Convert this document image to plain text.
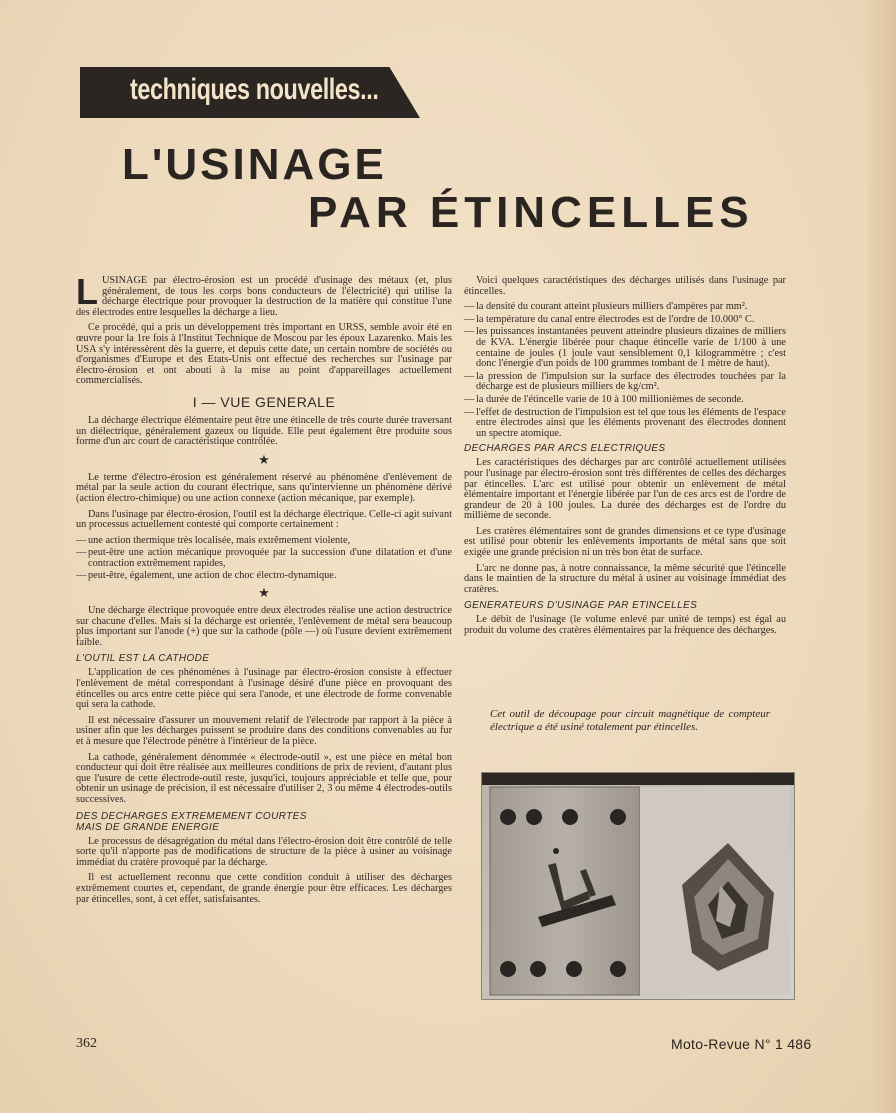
techniques nouvelles...
L'USINAGE
PAR ÉTINCELLES

LUSINAGE par électro-érosion est un procédé d'usinage des métaux (et, plus généralement, de tous les corps bons conducteurs de l'électricité) qui utilise la décharge électrique pour provoquer la destruction de la matière qui constitue l'une des électrodes entre lesquelles la décharge a lieu.

Ce procédé, qui a pris un développement très important en URSS, semble avoir été en œuvre pour la 1re fois à l'Institut Technique de Moscou par les époux Lazarenko. Mais les USA s'y intéressèrent dès la guerre, et depuis cette date, un certain nombre de sociétés ou d'organismes d'Europe et des Etats-Unis ont effectué des recherches sur l'usinage par électro-érosion et ont abouti à la mise au point d'appareillages actuellement commercialisés.

I — VUE GENERALE

La décharge électrique élémentaire peut être une étincelle de très courte durée traversant un diélectrique, généralement gazeux ou liquide. Elle peut également être produite sous forme d'un arc court de caractéristique contrôlée.

★

Le terme d'électro-érosion est généralement réservé au phénomène d'enlèvement de métal par la seule action du courant électrique, sans qu'intervienne un phénomène dérivé (action électro-chimique) ou une action connexe (action mécanique, par exemple).

Dans l'usinage par électro-érosion, l'outil est la décharge électrique. Celle-ci agit suivant un processus actuellement contesté qui comporte certainement :

— une action thermique très localisée, mais extrêmement violente,

— peut-être une action mécanique provoquée par la succession d'une dilatation et d'une contraction extrêmement rapides,

— peut-être, également, une action de choc électro-dynamique.

★

Une décharge électrique provoquée entre deux électrodes réalise une action destructrice sur chacune d'elles. Mais si la décharge est orientée, l'enlèvement de métal sera beaucoup plus important sur l'anode (+) que sur la cathode (pôle —) où l'usure devient extrêmement faible.

L'OUTIL EST LA CATHODE

L'application de ces phénomènes à l'usinage par électro-érosion consiste à effectuer l'enlèvement de métal correspondant à l'usinage désiré d'une pièce en provoquant des étincelles ou arcs entre cette pièce qui sera l'anode, et une électrode de forme convenable qui sera la cathode.

Il est nécessaire d'assurer un mouvement relatif de l'électrode par rapport à la pièce à usiner afin que les décharges puissent se produire dans des conditions convenables au fur et à mesure que l'électrode pénètre à l'intérieur de la pièce.

La cathode, généralement dénommée « électrode-outil », est une pièce en métal bon conducteur qui doit être réalisée aux meilleures conditions de prix de revient, d'autant plus que l'usure de cette électrode-outil reste, jusqu'ici, toujours appréciable et telle que, pour obtenir un usinage de précision, il est nécessaire d'utiliser 2, 3 ou même 4 électrodes-outils successives.

DES DECHARGES EXTREMEMENT COURTES
MAIS DE GRANDE ENERGIE

Le processus de désagrégation du métal dans l'électro-érosion doit être contrôlé de telle sorte qu'il n'apporte pas de modifications de structure de la pièce à usiner au voisinage immédiat du cratère provoqué par la décharge.

Il est actuellement reconnu que cette condition conduit à utiliser des décharges extrêmement courtes et, cependant, de grande énergie pour être efficaces. Les décharges par étincelles, sont, à cet effet, satisfaisantes.

Voici quelques caractéristiques des décharges utilisés dans l'usinage par étincelles.

— la densité du courant atteint plusieurs milliers d'ampères par mm².

— la température du canal entre électrodes est de l'ordre de 10.000° C.

— les puissances instantanées peuvent atteindre plusieurs dizaines de milliers de KVA. L'énergie libérée pour chaque étincelle varie de 1/100 à une centaine de joules (1 joule vaut sensiblement 0,1 kilogrammètre ; c'est donc l'énergie d'un poids de 100 grammes tombant de 1 mètre de haut).

— la pression de l'impulsion sur la surface des électrodes touchées par la décharge est de plusieurs milliers de kg/cm².

— la durée de l'étincelle varie de 10 à 100 millionièmes de seconde.

— l'effet de destruction de l'impulsion est tel que tous les éléments de l'espace entre électrodes ainsi que les éléments provenant des électrodes donnent un spectre atomique.

DECHARGES PAR ARCS ELECTRIQUES

Les caractéristiques des décharges par arc contrôlé actuellement utilisées pour l'usinage par électro-érosion sont très différentes de celles des décharges par étincelles. L'arc est utilisé pour obtenir un enlèvement de métal élémentaire important et l'énergie libérée par l'un de ces arcs est de l'ordre de grandeur de 20 à 100 joules. La durée des décharges est de l'ordre du millième de seconde.

Les cratères élémentaires sont de grandes dimensions et ce type d'usinage est utilisé pour obtenir les enlèvements importants de métal sans que soit exigée une grande précision ni un très bon état de surface.

L'arc ne donne pas, à notre connaissance, la même sécurité que l'étincelle dans le maintien de la structure du métal à usiner au voisinage immédiat des cratères.

GENERATEURS D'USINAGE PAR ETINCELLES

Le débit de l'usinage (le volume enlevé par unité de temps) est égal au produit du volume des cratères élémentaires par la fréquence des décharges.

Cet outil de découpage pour circuit magnétique de compteur électrique a été usiné totalement par étincelles.
362	Moto-Revue N° 1 486
